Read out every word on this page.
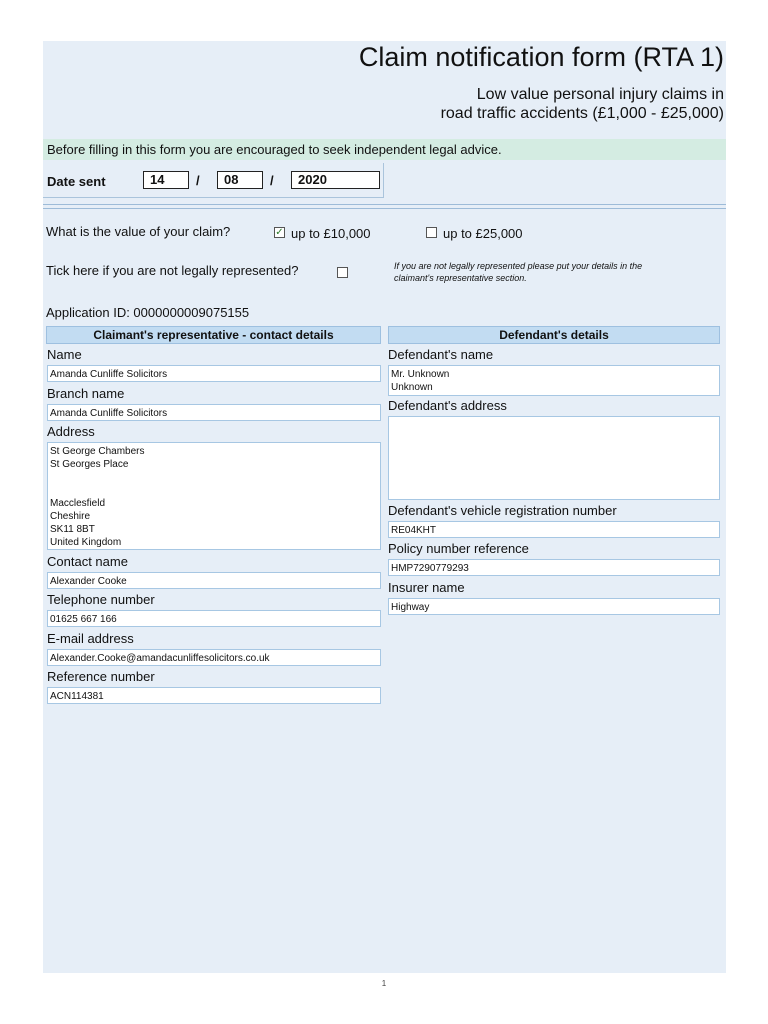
Claim notification form (RTA 1)
Low value personal injury claims in
road traffic accidents (£1,000 - £25,000)
Before filling in this form you are encouraged to seek independent legal advice.
Date sent	14	/	08	/	2020
What is the value of your claim?	✓ up to £10,000	up to £25,000
Tick here if you are not legally represented?	If you are not legally represented please put your details in the claimant's representative section.
Application ID: 0000000009075155
Claimant's representative - contact details
Name
Amanda Cunliffe Solicitors
Branch name
Amanda Cunliffe Solicitors
Address
St George Chambers
St Georges Place

Macclesfield
Cheshire
SK11 8BT
United Kingdom
Contact name
Alexander Cooke
Telephone number
01625 667 166
E-mail address
Alexander.Cooke@amandacunliffesolicitors.co.uk
Reference number
ACN114381
Defendant's details
Defendant's name
Mr. Unknown
Unknown
Defendant's address
Defendant's vehicle registration number
RE04KHT
Policy number reference
HMP7290779293
Insurer name
Highway
1
